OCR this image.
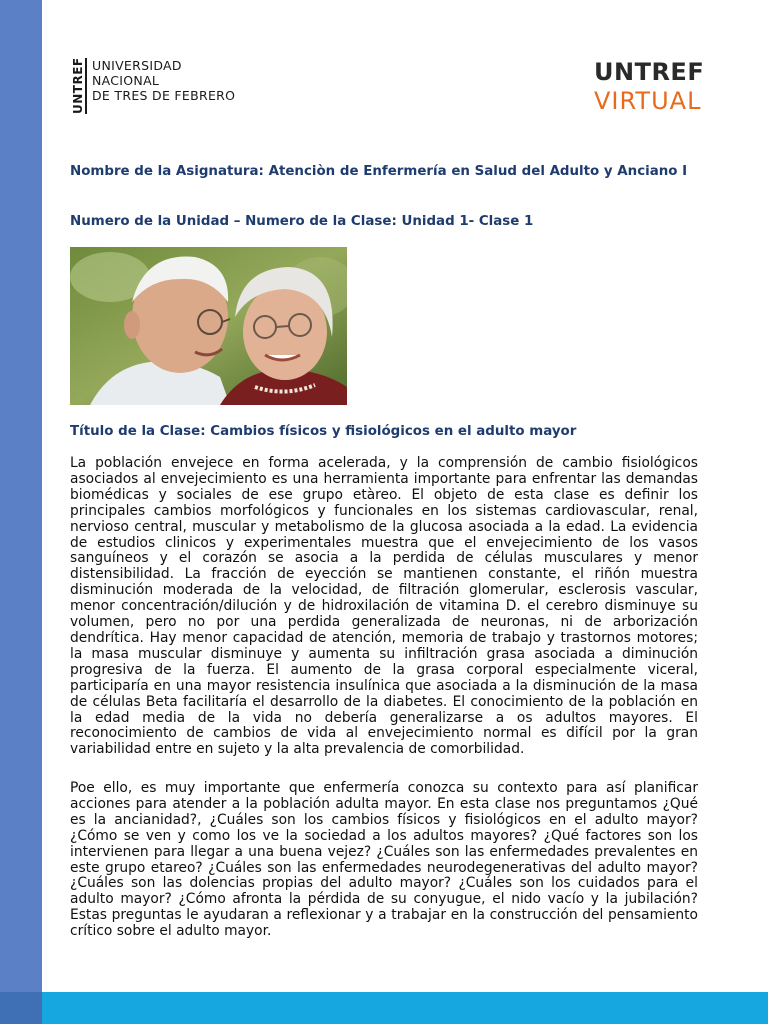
UNTREF UNIVERSIDAD
NACIONAL
DE TRES DE FEBRERO
UNTREF
VIRTUAL
Nombre de la Asignatura: Atenciòn de Enfermería en Salud del Adulto y Anciano I
Numero de la Unidad – Numero de la Clase: Unidad 1- Clase 1
Título de la Clase: Cambios físicos y fisiológicos en el adulto mayor

La población envejece en forma acelerada, y la comprensión de cambio fisiológicos asociados al envejecimiento es una herramienta importante para enfrentar las demandas biomédicas y sociales de ese grupo etàreo. El objeto de esta clase es definir los principales cambios morfológicos y funcionales en los sistemas cardiovascular, renal, nervioso central, muscular y metabolismo de la glucosa asociada a la edad. La evidencia de estudios clinicos y experimentales muestra que el envejecimiento de los vasos sanguíneos y el corazón se asocia a la perdida de células musculares y menor distensibilidad. La fracción de eyección se mantienen constante, el riñón muestra disminución moderada de la velocidad, de filtración glomerular, esclerosis vascular, menor concentración/dilución y de hidroxilación de vitamina D. el cerebro disminuye su volumen, pero no por una perdida generalizada de neuronas, ni de arborización dendrítica. Hay menor capacidad de atención, memoria de trabajo y trastornos motores; la masa muscular disminuye y aumenta su infiltración grasa asociada a diminución progresiva de la fuerza. El aumento de la grasa corporal especialmente viceral, participaría en una mayor resistencia insulínica que asociada a la disminución de la masa de células Beta facilitaría el desarrollo de la diabetes. El conocimiento de la población en la edad media de la vida no debería generalizarse a os adultos mayores. El reconocimiento de cambios de vida al envejecimiento normal es difícil por la gran variabilidad entre en sujeto y la alta prevalencia de comorbilidad.

Poe ello, es muy importante que enfermería conozca su contexto para así planificar acciones para atender a la población adulta mayor. En esta clase nos preguntamos ¿Qué es la ancianidad?, ¿Cuáles son los cambios físicos y fisiológicos en el adulto mayor? ¿Cómo se ven y como los ve la sociedad a los adultos mayores? ¿Qué factores son los intervienen para llegar a una buena vejez? ¿Cuáles son las enfermedades prevalentes en este grupo etareo? ¿Cuáles son las enfermedades neurodegenerativas del adulto mayor? ¿Cuáles son las dolencias propias del adulto mayor? ¿Cuáles son los cuidados para el adulto mayor? ¿Cómo afronta la pérdida de su conyugue, el nido vacío y la jubilación? Estas preguntas le ayudaran a reflexionar y a trabajar en la construcción del pensamiento crítico sobre el adulto mayor.
